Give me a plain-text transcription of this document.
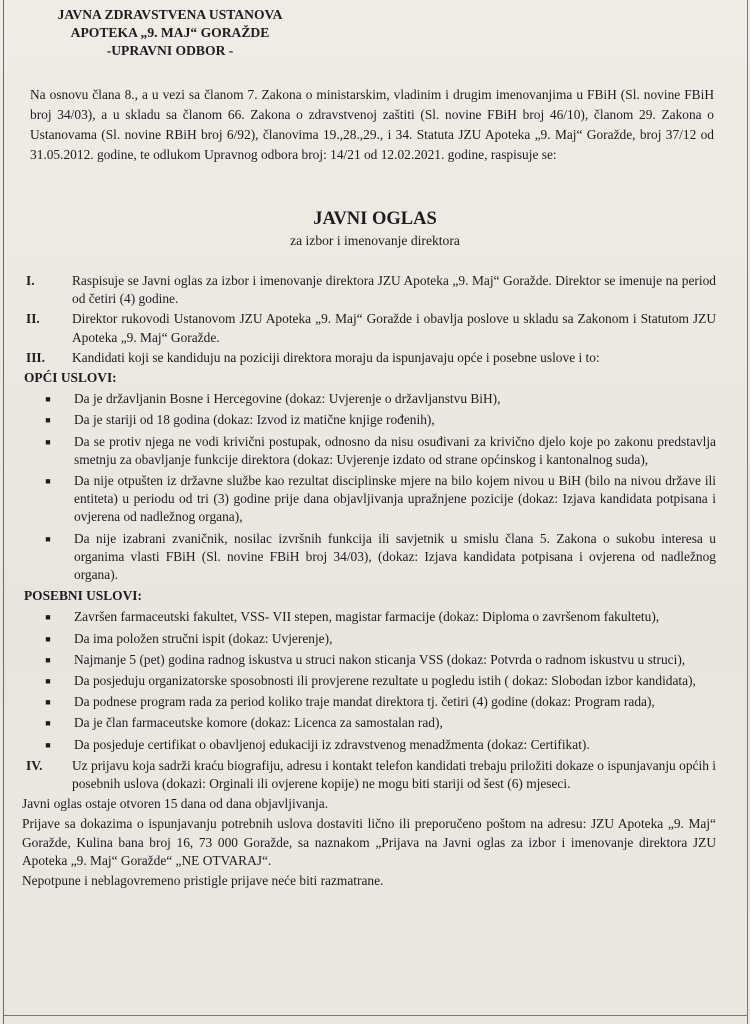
JAVNA ZDRAVSTVENA USTANOVA
APOTEKA „9. MAJ“ GORAŽDE
-UPRAVNI ODBOR -
Na osnovu člana 8., a u vezi sa članom 7. Zakona o ministarskim, vladinim i drugim imenovanjima u FBiH (Sl. novine FBiH broj 34/03), a u skladu sa članom 66. Zakona o zdravstvenoj zaštiti (Sl. novine FBiH broj 46/10), članom 29. Zakona o Ustanovama (Sl. novine RBiH broj 6/92), članovima 19.,28.,29., i 34. Statuta JZU Apoteka „9. Maj“ Goražde, broj 37/12 od 31.05.2012. godine, te odlukom Upravnog odbora broj: 14/21 od 12.02.2021. godine, raspisuje se:
JAVNI OGLAS
za izbor i imenovanje direktora
I.	Raspisuje se Javni oglas za izbor i imenovanje direktora JZU Apoteka „9. Maj“ Goražde. Direktor se imenuje na period od četiri (4) godine.
II.	Direktor rukovodi Ustanovom JZU Apoteka „9. Maj“ Goražde i obavlja poslove u skladu sa Zakonom i Statutom JZU Apoteka „9. Maj“ Goražde.
III.	Kandidati koji se kandiduju na poziciji direktora moraju da ispunjavaju opće i posebne uslove i to:
OPĆI USLOVI:
■	Da je državljanin Bosne i Hercegovine (dokaz: Uvjerenje o državljanstvu BiH),
■	Da je stariji od 18 godina (dokaz: Izvod iz matične knjige rođenih),
■	Da se protiv njega ne vodi krivični postupak, odnosno da nisu osuđivani za krivično djelo koje po zakonu predstavlja smetnju za obavljanje funkcije direktora (dokaz: Uvjerenje izdato od strane općinskog i kantonalnog suda),
■	Da nije otpušten iz državne službe kao rezultat disciplinske mjere na bilo kojem nivou u BiH (bilo na nivou države ili entiteta) u periodu od tri (3) godine prije dana objavljivanja upražnjene pozicije (dokaz: Izjava kandidata potpisana i ovjerena od nadležnog organa),
■	Da nije izabrani zvaničnik, nosilac izvršnih funkcija ili savjetnik u smislu člana 5. Zakona o sukobu interesa u organima vlasti FBiH (Sl. novine FBiH broj 34/03), (dokaz: Izjava kandidata potpisana i ovjerena od nadležnog organa).
POSEBNI USLOVI:
■	Završen farmaceutski fakultet, VSS- VII stepen, magistar farmacije (dokaz: Diploma o završenom fakultetu),
■	Da ima položen stručni ispit (dokaz: Uvjerenje),
■	Najmanje 5 (pet) godina radnog iskustva u struci nakon sticanja VSS (dokaz: Potvrda o radnom iskustvu u struci),
■	Da posjeduju organizatorske sposobnosti ili provjerene rezultate u pogledu istih ( dokaz: Slobodan izbor kandidata),
■	Da podnese program rada za period koliko traje mandat direktora tj. četiri (4) godine (dokaz: Program rada),
■	Da je član farmaceutske komore (dokaz: Licenca za samostalan rad),
■	Da posjeduje certifikat o obavljenoj edukaciji iz zdravstvenog menadžmenta (dokaz: Certifikat).
IV.	Uz prijavu koja sadrži kraću biografiju, adresu i kontakt telefon kandidati trebaju priložiti dokaze o ispunjavanju općih i posebnih uslova (dokazi: Orginali ili ovjerene kopije) ne mogu biti stariji od šest (6) mjeseci.

Javni oglas ostaje otvoren 15 dana od dana objavljivanja.

Prijave sa dokazima o ispunjavanju potrebnih uslova dostaviti lično ili preporučeno poštom na adresu: JZU Apoteka „9. Maj“ Goražde, Kulina bana broj 16, 73 000 Goražde, sa naznakom „Prijava na Javni oglas za izbor i imenovanje direktora JZU Apoteka „9. Maj“ Goražde“ „NE OTVARAJ“.

Nepotpune i neblagovremeno pristigle prijave neće biti razmatrane.
